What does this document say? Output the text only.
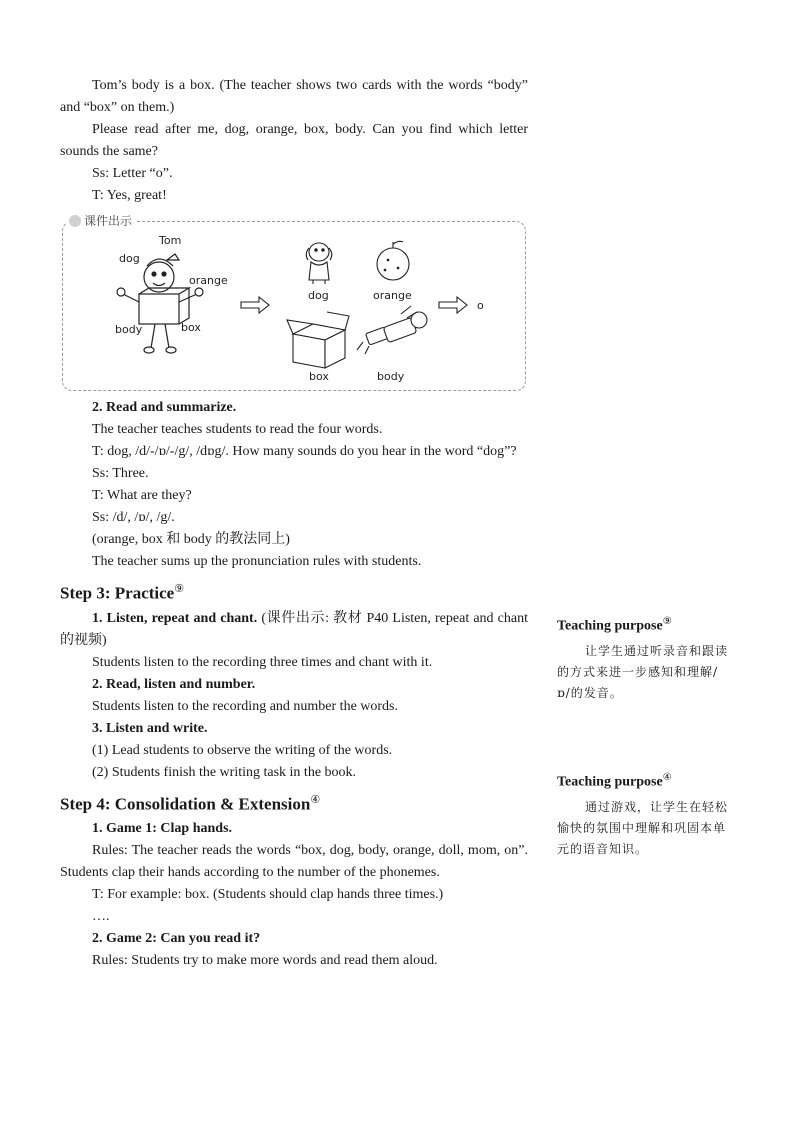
Tom’s body is a box. (The teacher shows two cards with the words “body” and “box” on them.)

Please read after me, dog, orange, box, body. Can you find which letter sounds the same?

Ss: Letter “o”.

T: Yes, great!

课件出示
Tom
dog
orange
body	box
dog	orange
o
box	body

2. Read and summarize.

The teacher teaches students to read the four words.

T: dog, /d/-/ɒ/-/g/, /dɒg/. How many sounds do you hear in the word “dog”?

Ss: Three.

T: What are they?

Ss: /d/, /ɒ/, /g/.

(orange, box 和 body 的教法同上)

The teacher sums up the pronunciation rules with students.

Step 3: Practice⑨

1. Listen, repeat and chant. (课件出示: 教材 P40 Listen, repeat and chant 的视频)

Students listen to the recording three times and chant with it.

2. Read, listen and number.

Students listen to the recording and number the words.

3. Listen and write.

(1) Lead students to observe the writing of the words.

(2) Students finish the writing task in the book.

Step 4: Consolidation & Extension④

1. Game 1: Clap hands.

Rules: The teacher reads the words “box, dog, body, orange, doll, mom, on”. Students clap their hands according to the number of the phonemes.

T: For example: box. (Students should clap hands three times.)

….

2. Game 2: Can you read it?

Rules: Students try to make more words and read them aloud.

Teaching purpose⑨

让学生通过听录音和跟读的方式来进一步感知和理解/ɒ/的发音。

Teaching purpose④

通过游戏，让学生在轻松愉快的氛围中理解和巩固本单元的语音知识。
